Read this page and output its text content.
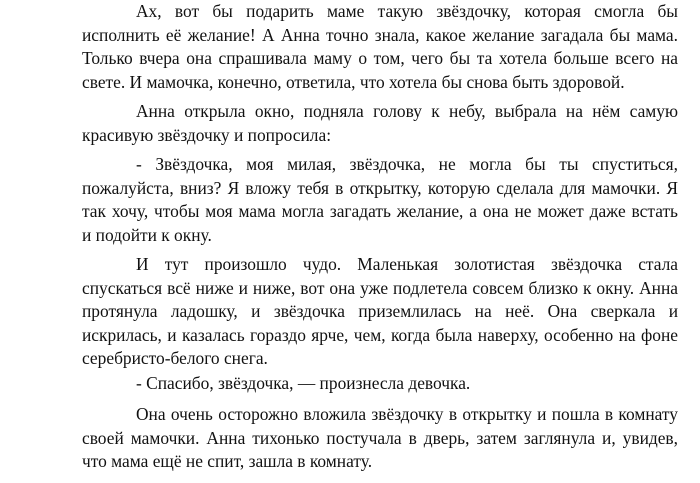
Ах, вот бы подарить маме такую звёздочку, которая смогла бы
исполнить её желание! А Анна точно знала, какое желание загадала бы мама.
Только вчера она спрашивала маму о том, чего бы та хотела больше всего на
свете. И мамочка, конечно, ответила, что хотела бы снова быть здоровой.
Анна открыла окно, подняла голову к небу, выбрала на нём самую
красивую звёздочку и попросила:
- Звёздочка, моя милая, звёздочка, не могла бы ты спуститься,
пожалуйста, вниз? Я вложу тебя в открытку, которую сделала для мамочки. Я
так хочу, чтобы моя мама могла загадать желание, а она не может даже встать
и подойти к окну.
И тут произошло чудо. Маленькая золотистая звёздочка стала
спускаться всё ниже и ниже, вот она уже подлетела совсем близко к окну. Анна
протянула ладошку, и звёздочка приземлилась на неё. Она сверкала и
искрилась, и казалась гораздо ярче, чем, когда была наверху, особенно на фоне
серебристо-белого снега.
- Спасибо, звёздочка, — произнесла девочка.
Она очень осторожно вложила звёздочку в открытку и пошла в комнату
своей мамочки. Анна тихонько постучала в дверь, затем заглянула и, увидев,
что мама ещё не спит, зашла в комнату.
